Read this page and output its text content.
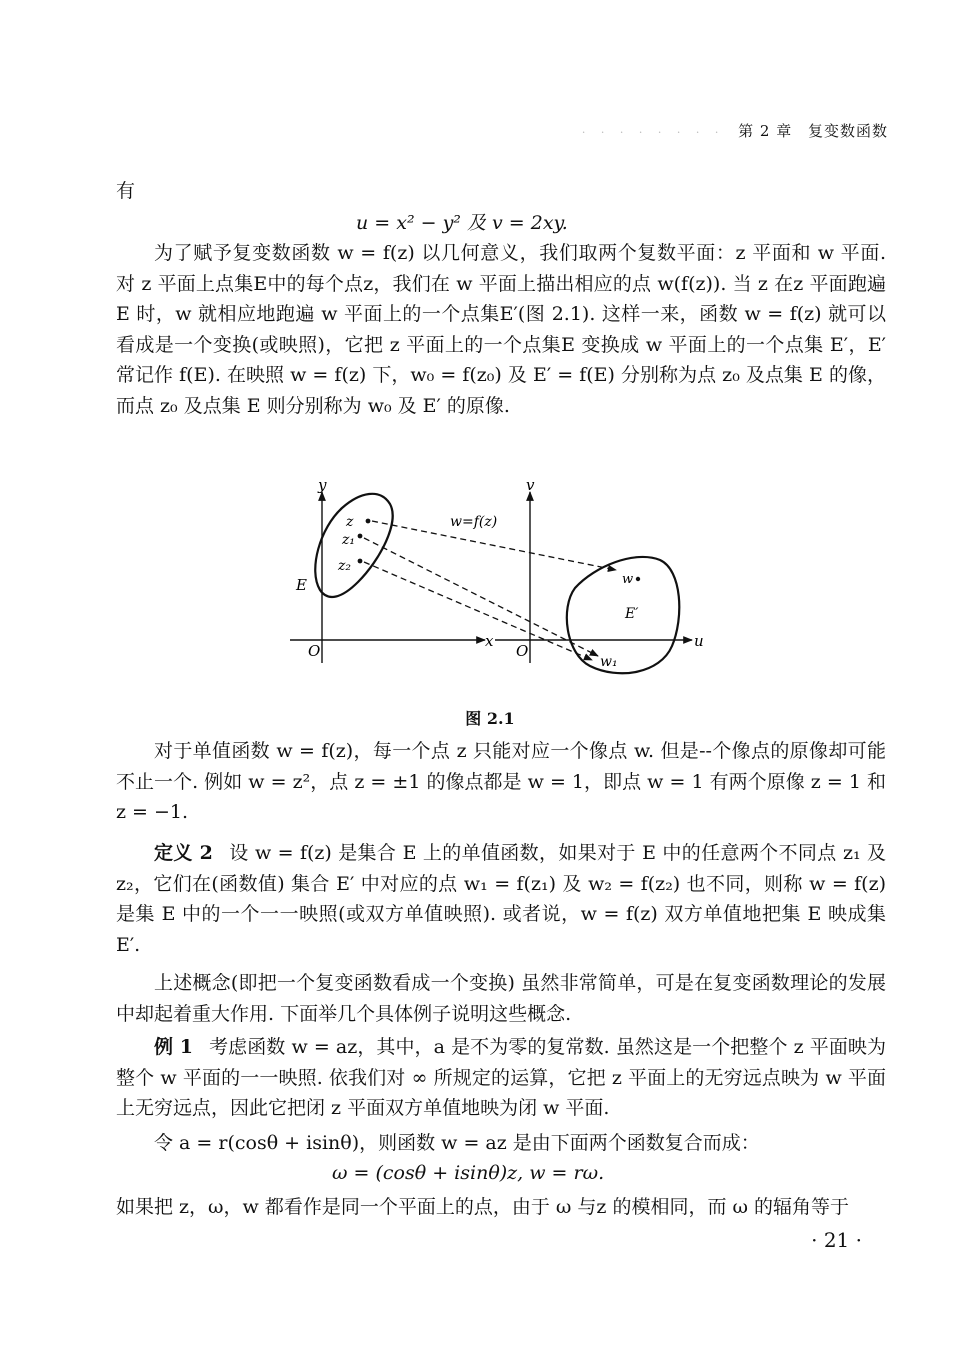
· · · · · · · · 第 2 章 复变数函数
有
u = x² − y² 及 v = 2xy.
为了赋予复变数函数 w = f(z) 以几何意义，我们取两个复数平面：z 平面和 w 平面. 对 z 平面上点集E中的每个点z，我们在 w 平面上描出相应的点 w(f(z)). 当 z 在z 平面跑遍 E 时，w 就相应地跑遍 w 平面上的一个点集E′(图 2.1). 这样一来，函数 w = f(z) 就可以看成是一个变换(或映照)，它把 z 平面上的一个点集E 变换成 w 平面上的一个点集 E′，E′ 常记作 f(E). 在映照 w = f(z) 下，w₀ = f(z₀) 及 E′ = f(E) 分别称为点 z₀ 及点集 E 的像，而点 z₀ 及点集 E 则分别称为 w₀ 及 E′ 的原像.
y
x
O
E
z
z₁
z₂
v
u
O
E′
w
w₁
w=f(z)
图 2.1
对于单值函数 w = f(z)，每一个点 z 只能对应一个像点 w. 但是--个像点的原像却可能不止一个. 例如 w = z²，点 z = ±1 的像点都是 w = 1，即点 w = 1 有两个原像 z = 1 和 z = −1.
定义 2 设 w = f(z) 是集合 E 上的单值函数，如果对于 E 中的任意两个不同点 z₁ 及 z₂，它们在(函数值) 集合 E′ 中对应的点 w₁ = f(z₁) 及 w₂ = f(z₂) 也不同，则称 w = f(z) 是集 E 中的一个一一映照(或双方单值映照). 或者说，w = f(z) 双方单值地把集 E 映成集 E′.
上述概念(即把一个复变函数看成一个变换) 虽然非常简单，可是在复变函数理论的发展中却起着重大作用. 下面举几个具体例子说明这些概念.
例 1 考虑函数 w = az，其中，a 是不为零的复常数. 虽然这是一个把整个 z 平面映为整个 w 平面的一一映照. 依我们对 ∞ 所规定的运算，它把 z 平面上的无穷远点映为 w 平面上无穷远点，因此它把闭 z 平面双方单值地映为闭 w 平面.
令 a = r(cosθ + isinθ)，则函数 w = az 是由下面两个函数复合而成：
ω = (cosθ + isinθ)z, w = rω.
如果把 z，ω，w 都看作是同一个平面上的点，由于 ω 与z 的模相同，而 ω 的辐角等于
· 21 ·
